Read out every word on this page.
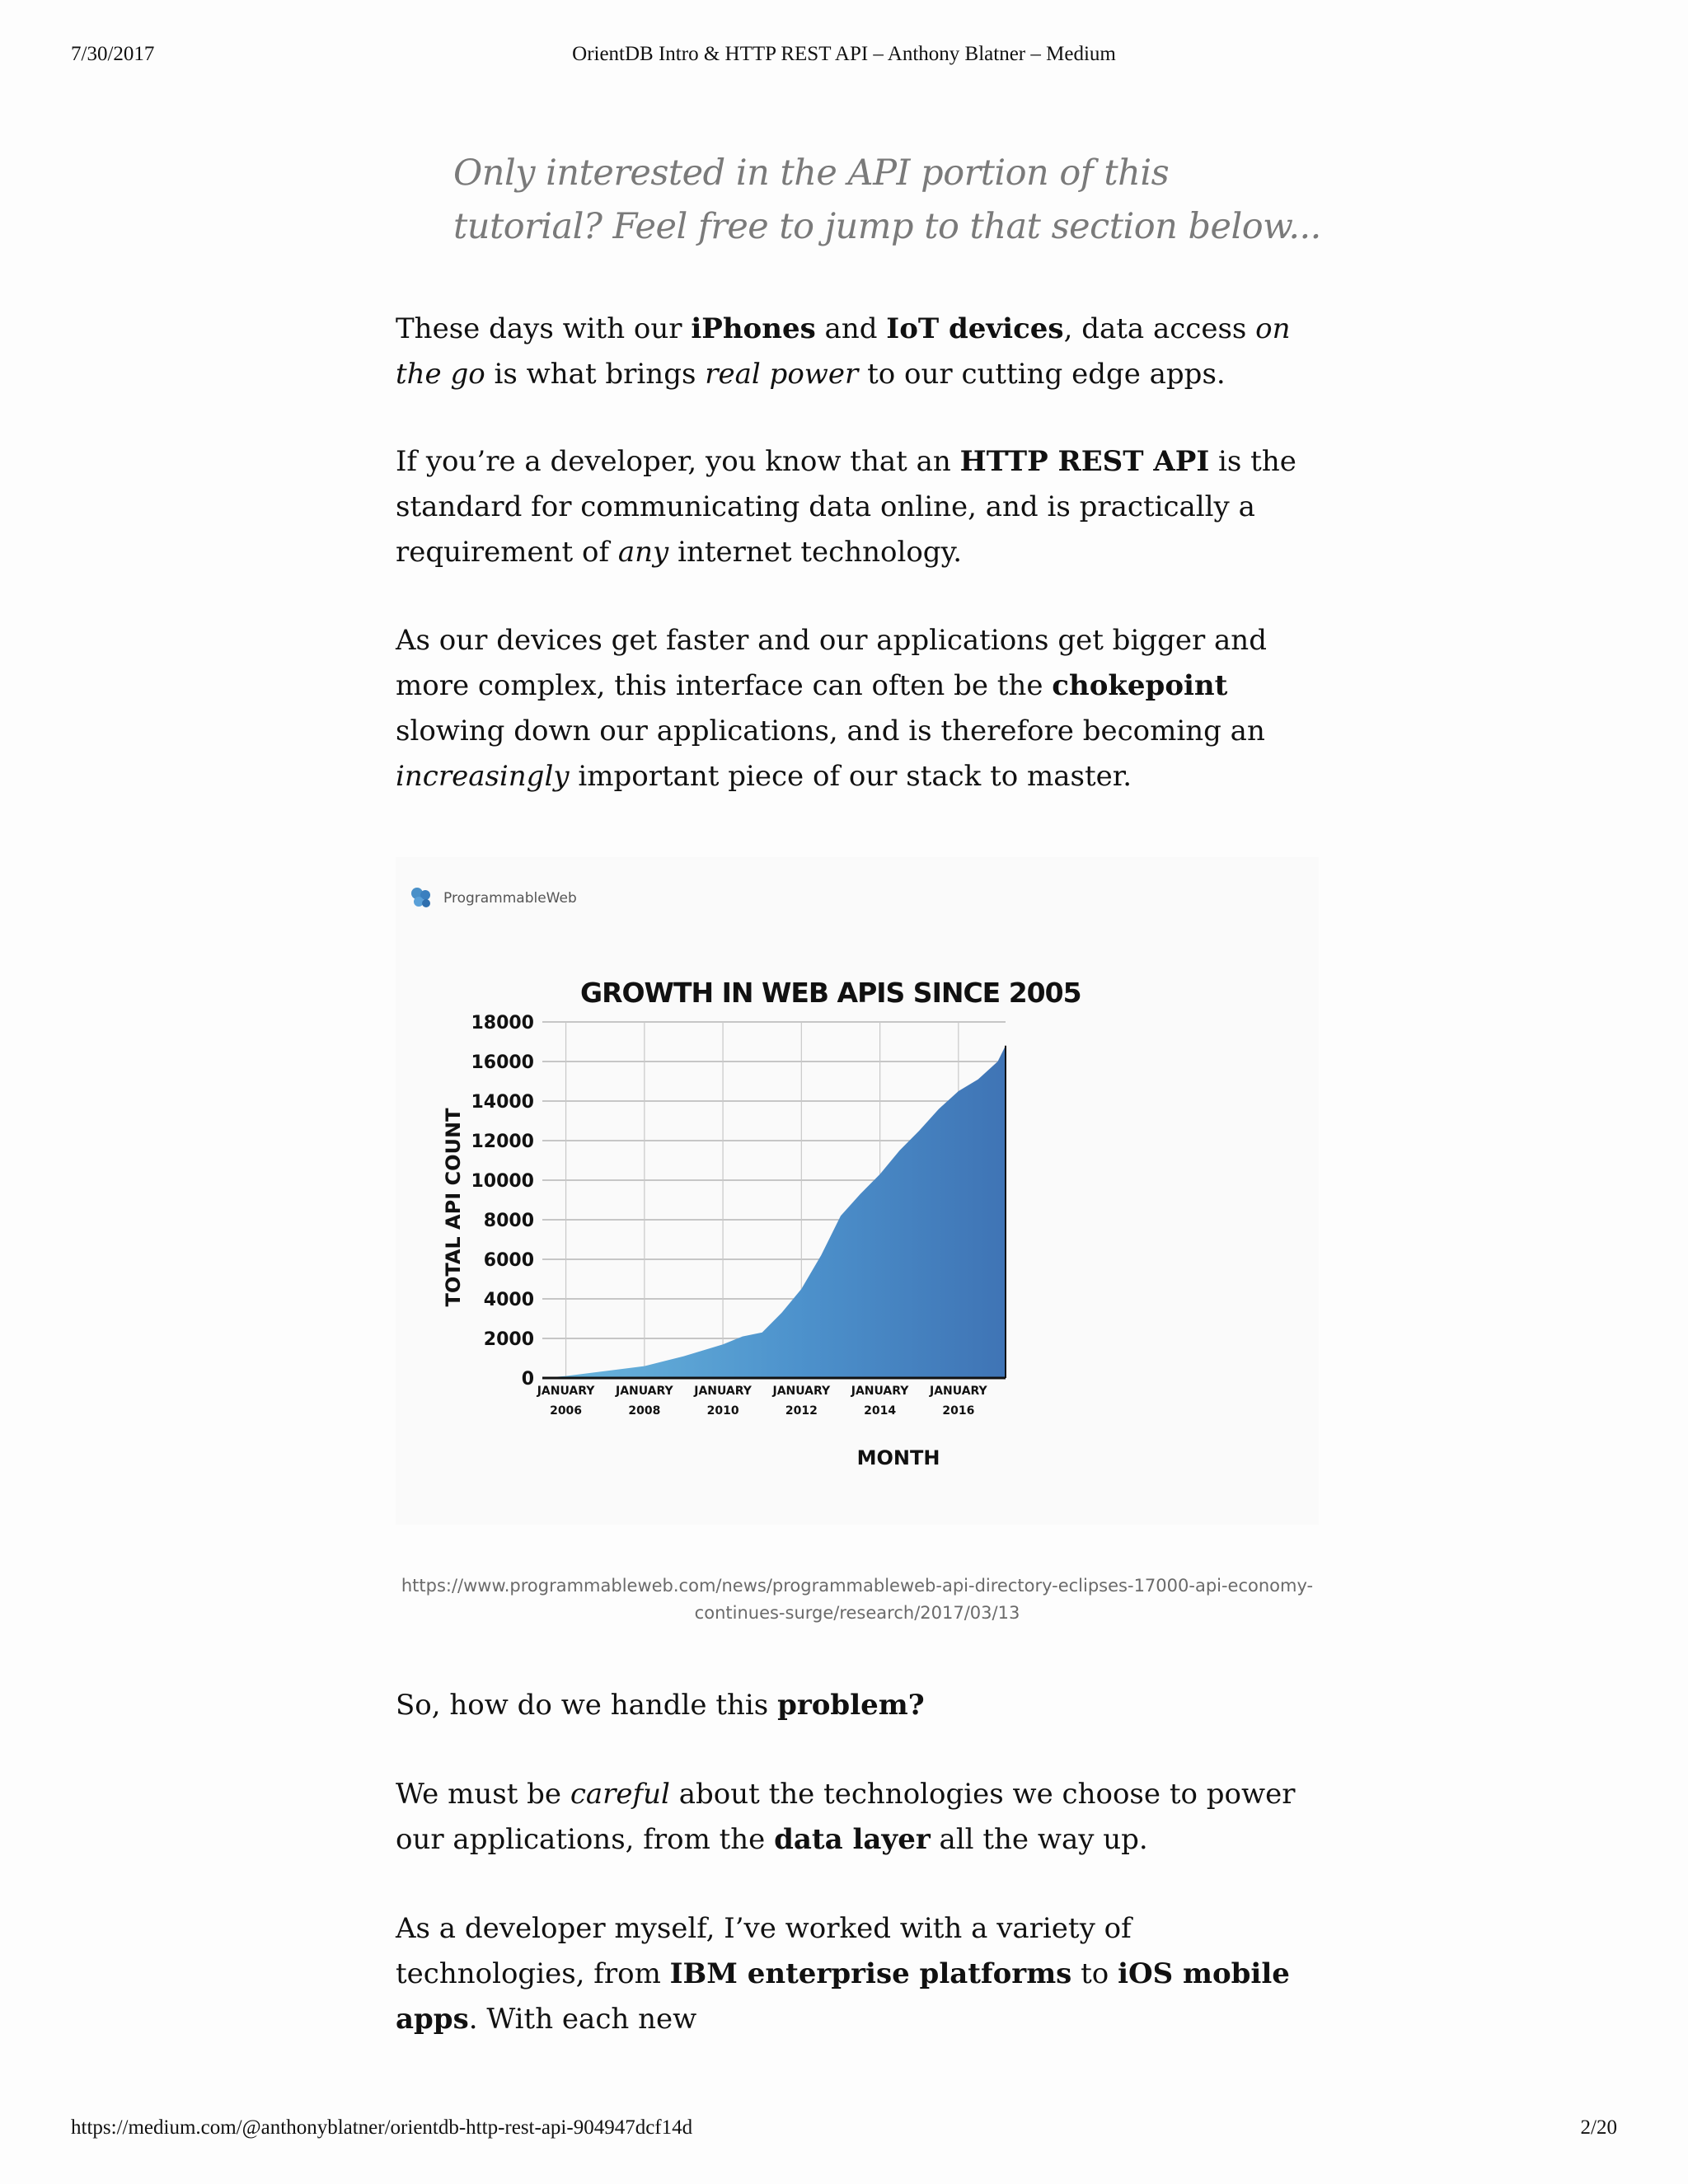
7/30/2017	OrientDB Intro & HTTP REST API – Anthony Blatner – Medium
Only interested in the API portion of this tutorial? Feel free to jump to that section below...

These days with our iPhones and IoT devices, data access on the go is what brings real power to our cutting edge apps.

If you’re a developer, you know that an HTTP REST API is the standard for communicating data online, and is practically a requirement of any internet technology.

As our devices get faster and our applications get bigger and more complex, this interface can often be the chokepoint slowing down our applications, and is therefore becoming an increasingly important piece of our stack to master.

ProgrammableWeb
GROWTH IN WEB APIS SINCE 2005
TOTAL API COUNT
MONTH
18000
16000
14000
12000
10000
8000
6000
4000
2000
0
JANUARY
2006
JANUARY
2008
JANUARY
2010
JANUARY
2012
JANUARY
2014
JANUARY
2016
https://www.programmableweb.com/news/programmableweb-api-directory-eclipses-17000-api-economy-continues-surge/research/2017/03/13

So, how do we handle this problem?

We must be careful about the technologies we choose to power our applications, from the data layer all the way up.

As a developer myself, I’ve worked with a variety of technologies, from IBM enterprise platforms to iOS mobile apps. With each new

https://medium.com/@anthonyblatner/orientdb-http-rest-api-904947dcf14d	2/20
